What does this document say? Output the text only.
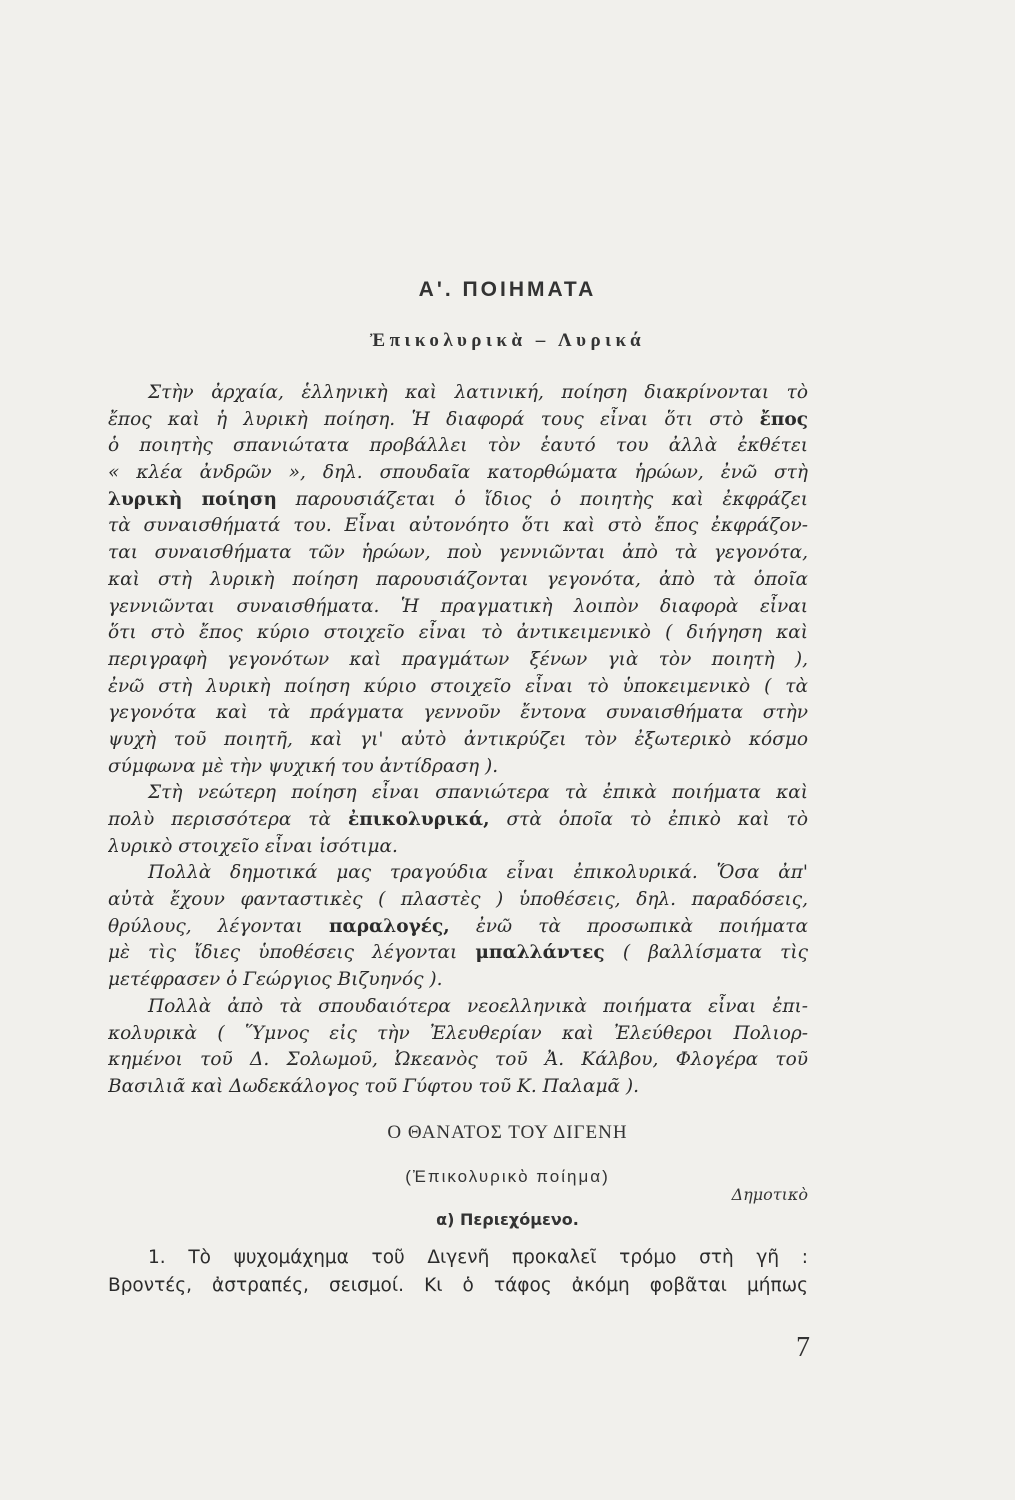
Α'. ΠΟΙΗΜΑΤΑ
Ἐπικολυρικὰ – Λυρικά
Στὴν ἀρχαία, ἑλληνικὴ καὶ λατινική, ποίηση διακρίνονται τὸ
ἔπος καὶ ἡ λυρικὴ ποίηση. Ἡ διαφορά τους εἶναι ὅτι στὸ ἔπος
ὁ ποιητὴς σπανιώτατα προβάλλει τὸν ἑαυτό του ἀλλὰ ἐκθέτει
« κλέα ἀνδρῶν », δηλ. σπουδαῖα κατορθώματα ἡρώων, ἐνῶ στὴ
λυρικὴ ποίηση παρουσιάζεται ὁ ἴδιος ὁ ποιητὴς καὶ ἐκφράζει
τὰ συναισθήματά του. Εἶναι αὐτονόητο ὅτι καὶ στὸ ἔπος ἐκφράζον-
ται συναισθήματα τῶν ἡρώων, ποὺ γεννιῶνται ἀπὸ τὰ γεγονότα,
καὶ στὴ λυρικὴ ποίηση παρουσιάζονται γεγονότα, ἀπὸ τὰ ὁποῖα
γεννιῶνται συναισθήματα. Ἡ πραγματικὴ λοιπὸν διαφορὰ εἶναι
ὅτι στὸ ἔπος κύριο στοιχεῖο εἶναι τὸ ἀντικειμενικὸ ( διήγηση καὶ
περιγραφὴ γεγονότων καὶ πραγμάτων ξένων γιὰ τὸν ποιητὴ ),
ἐνῶ στὴ λυρικὴ ποίηση κύριο στοιχεῖο εἶναι τὸ ὑποκειμενικὸ ( τὰ
γεγονότα καὶ τὰ πράγματα γεννοῦν ἔντονα συναισθήματα στὴν
ψυχὴ τοῦ ποιητῆ, καὶ γι' αὐτὸ ἀντικρύζει τὸν ἐξωτερικὸ κόσμο
σύμφωνα μὲ τὴν ψυχική του ἀντίδραση ).
Στὴ νεώτερη ποίηση εἶναι σπανιώτερα τὰ ἐπικὰ ποιήματα καὶ
πολὺ περισσότερα τὰ ἐπικολυρικά, στὰ ὁποῖα τὸ ἐπικὸ καὶ τὸ
λυρικὸ στοιχεῖο εἶναι ἰσότιμα.
Πολλὰ δημοτικά μας τραγούδια εἶναι ἐπικολυρικά. Ὅσα ἀπ'
αὐτὰ ἔχουν φανταστικὲς ( πλαστὲς ) ὑποθέσεις, δηλ. παραδόσεις,
θρύλους, λέγονται παραλογές, ἐνῶ τὰ προσωπικὰ ποιήματα
μὲ τὶς ἴδιες ὑποθέσεις λέγονται μπαλλάντες ( βαλλίσματα τὶς
μετέφρασεν ὁ Γεώργιος Βιζυηνός ).
Πολλὰ ἀπὸ τὰ σπουδαιότερα νεοελληνικὰ ποιήματα εἶναι ἐπι-
κολυρικὰ ( Ὕμνος εἰς τὴν Ἐλευθερίαν καὶ Ἐλεύθεροι Πολιορ-
κημένοι τοῦ Δ. Σολωμοῦ, Ὠκεανὸς τοῦ Ἀ. Κάλβου, Φλογέρα τοῦ
Βασιλιᾶ καὶ Δωδεκάλογος τοῦ Γύφτου τοῦ Κ. Παλαμᾶ ).
Ο ΘΑΝΑΤΟΣ ΤΟΥ ΔΙΓΕΝΗ
(Ἐπικολυρικὸ ποίημα)
Δημοτικὸ
α) Περιεχόμενο.
1. Τὸ ψυχομάχημα τοῦ Διγενῆ προκαλεῖ τρόμο στὴ γῆ :
Βροντές, ἀστραπές, σεισμοί. Κι ὁ τάφος ἀκόμη φοβᾶται μήπως
7
